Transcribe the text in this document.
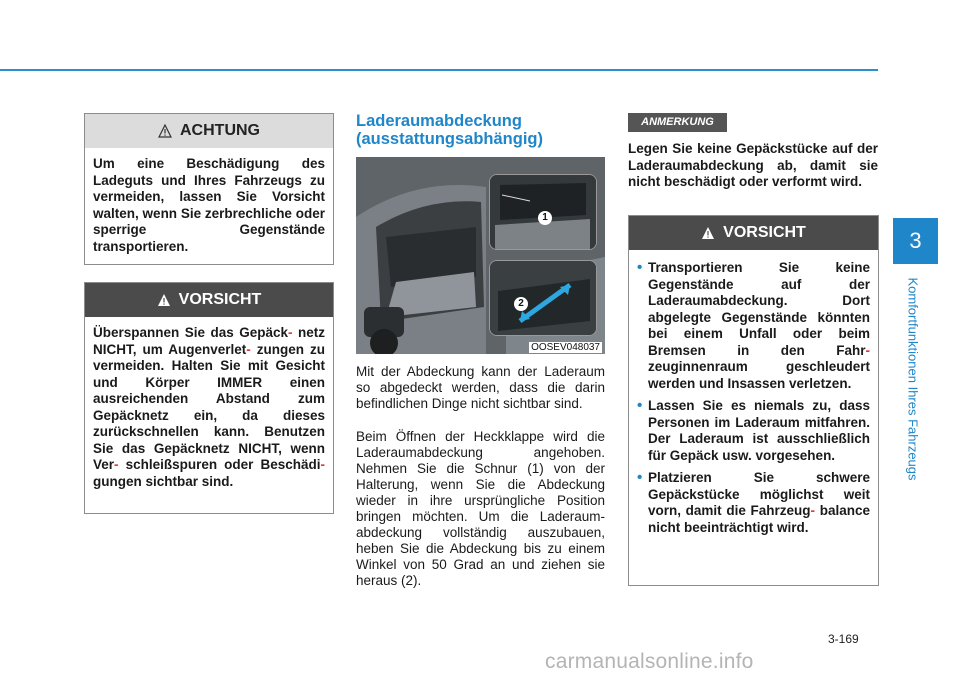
ACHTUNG
Um eine Beschädigung des Ladeguts und Ihres Fahrzeugs zu vermeiden, lassen Sie Vorsicht walten, wenn Sie zerbrechliche oder sperrige Gegenstände transportieren.
VORSICHT
Überspannen Sie das Gepäck- netz NICHT, um Augenverlet- zungen zu vermeiden. Halten Sie mit Gesicht und Körper IMMER einen ausreichenden Abstand zum Gepäcknetz ein, da dieses zurückschnellen kann. Benutzen Sie das Gepäcknetz NICHT, wenn Ver- schleißspuren oder Beschädi- gungen sichtbar sind.
Laderaumabdeckung (ausstattungsabhängig)
1
2
OOSEV048037
Mit der Abdeckung kann der Laderaum so abgedeckt werden, dass die darin befindlichen Dinge nicht sichtbar sind.
Beim Öffnen der Heckklappe wird die Laderaumabdeckung angehoben. Nehmen Sie die Schnur (1) von der Halterung, wenn Sie die Abdeckung wieder in ihre ursprüngliche Position bringen möchten. Um die Laderaum- abdeckung vollständig auszubauen, heben Sie die Abdeckung bis zu einem Winkel von 50 Grad an und ziehen sie heraus (2).
ANMERKUNG
Legen Sie keine Gepäckstücke auf der Laderaumabdeckung ab, damit sie nicht beschädigt oder verformt wird.
VORSICHT
• Transportieren Sie keine Gegenstände auf der Laderaumabdeckung. Dort abgelegte Gegenstände könnten bei einem Unfall oder beim Bremsen in den Fahr- zeuginnenraum geschleudert werden und Insassen verletzen.
• Lassen Sie es niemals zu, dass Personen im Laderaum mitfahren. Der Laderaum ist ausschließlich für Gepäck usw. vorgesehen.
• Platzieren Sie schwere Gepäckstücke möglichst weit vorn, damit die Fahrzeug- balance nicht beeinträchtigt wird.
3
Komfortfunktionen Ihres Fahrzeugs
3-169
carmanualsonline.info
